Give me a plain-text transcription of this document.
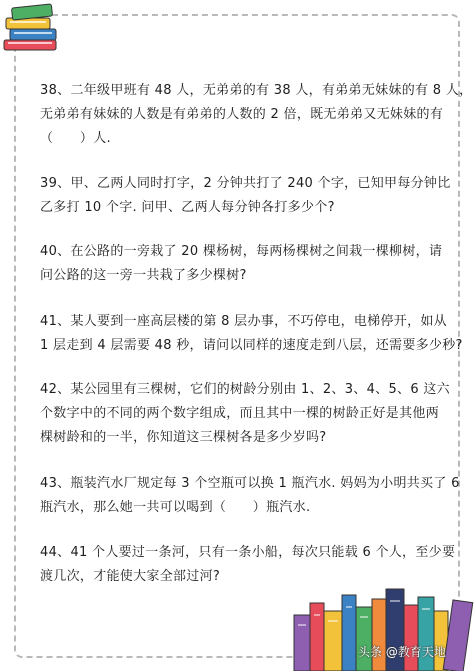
38、二年级甲班有 48 人，无弟弟的有 38 人，有弟弟无妹妹的有 8 人，
无弟弟有妹妹的人数是有弟弟的人数的 2 倍，既无弟弟又无妹妹的有
（　　）人.
39、甲、乙两人同时打字，2 分钟共打了 240 个字，已知甲每分钟比
乙多打 10 个字. 问甲、乙两人每分钟各打多少个?
40、在公路的一旁栽了 20 棵杨树，每两杨棵树之间栽一棵柳树，请
问公路的这一旁一共栽了多少棵树?
41、某人要到一座高层楼的第 8 层办事，不巧停电，电梯停开，如从
1 层走到 4 层需要 48 秒，请问以同样的速度走到八层，还需要多少秒?
42、某公园里有三棵树，它们的树龄分别由 1、2、3、4、5、6 这六
个数字中的不同的两个数字组成，而且其中一棵的树龄正好是其他两
棵树龄和的一半，你知道这三棵树各是多少岁吗?
43、瓶装汽水厂规定每 3 个空瓶可以换 1 瓶汽水. 妈妈为小明共买了 6
瓶汽水，那么她一共可以喝到（　　）瓶汽水.
44、41 个人要过一条河，只有一条小船，每次只能载 6 个人，至少要
渡几次，才能使大家全部过河?
头条 @教育天地
